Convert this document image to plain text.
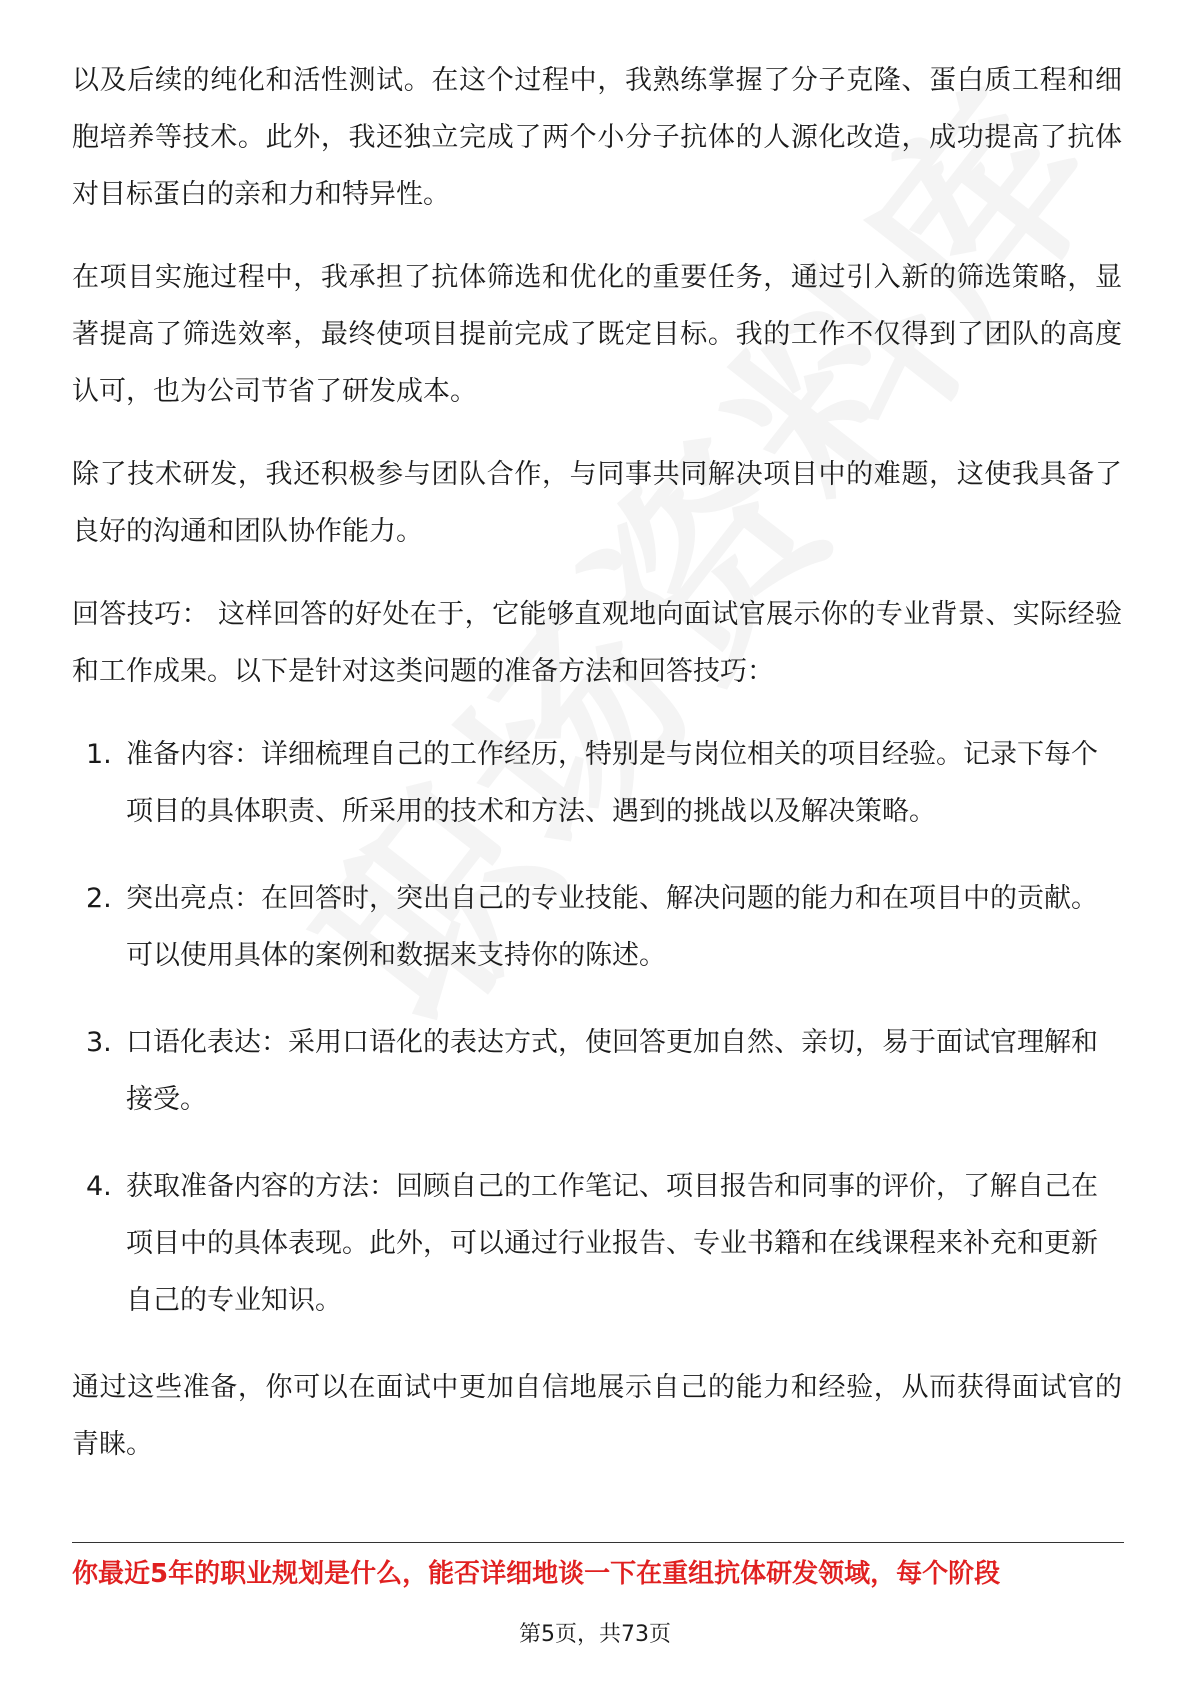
以及后续的纯化和活性测试。在这个过程中，我熟练掌握了分子克隆、蛋白质工程和细胞培养等技术。此外，我还独立完成了两个小分子抗体的人源化改造，成功提高了抗体对目标蛋白的亲和力和特异性。

在项目实施过程中，我承担了抗体筛选和优化的重要任务，通过引入新的筛选策略，显著提高了筛选效率，最终使项目提前完成了既定目标。我的工作不仅得到了团队的高度认可，也为公司节省了研发成本。

除了技术研发，我还积极参与团队合作，与同事共同解决项目中的难题，这使我具备了良好的沟通和团队协作能力。

回答技巧： 这样回答的好处在于，它能够直观地向面试官展示你的专业背景、实际经验和工作成果。以下是针对这类问题的准备方法和回答技巧：

1. 准备内容：详细梳理自己的工作经历，特别是与岗位相关的项目经验。记录下每个项目的具体职责、所采用的技术和方法、遇到的挑战以及解决策略。
2. 突出亮点：在回答时，突出自己的专业技能、解决问题的能力和在项目中的贡献。可以使用具体的案例和数据来支持你的陈述。
3. 口语化表达：采用口语化的表达方式，使回答更加自然、亲切，易于面试官理解和接受。
4. 获取准备内容的方法：回顾自己的工作笔记、项目报告和同事的评价，了解自己在项目中的具体表现。此外，可以通过行业报告、专业书籍和在线课程来补充和更新自己的专业知识。

通过这些准备，你可以在面试中更加自信地展示自己的能力和经验，从而获得面试官的青睐。

你最近5年的职业规划是什么，能否详细地谈一下在重组抗体研发领域，每个阶段
第5页，共73页
